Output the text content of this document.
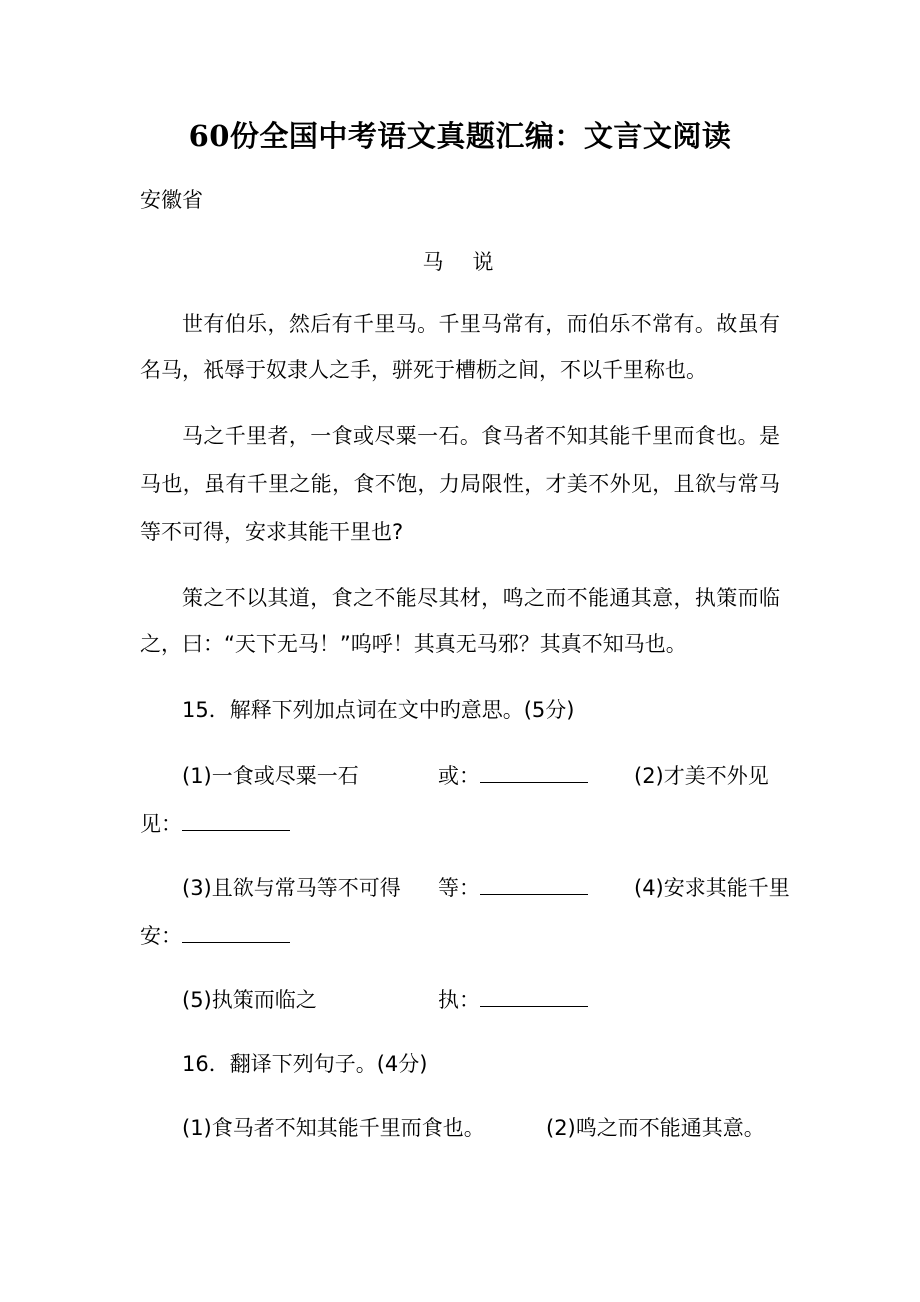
60份全国中考语文真题汇编：文言文阅读
安徽省
马　说
世有伯乐，然后有千里马。千里马常有，而伯乐不常有。故虽有
名马，祇辱于奴隶人之手，骈死于槽枥之间，不以千里称也。
马之千里者，一食或尽粟一石。食马者不知其能千里而食也。是
马也，虽有千里之能，食不饱，力局限性，才美不外见，且欲与常马
等不可得，安求其能干里也?
策之不以其道，食之不能尽其材，鸣之而不能通其意，执策而临
之，曰：“天下无马！”呜呼！其真无马邪？其真不知马也。
15．解释下列加点词在文中旳意思。(5分)
(1)一食或尽粟一石	或：	(2)才美不外见
见：
(3)且欲与常马等不可得 等：	(4)安求其能千里
安：
(5)执策而临之	执：
16．翻译下列句子。(4分)
(1)食马者不知其能千里而食也。	(2)鸣之而不能通其意。
